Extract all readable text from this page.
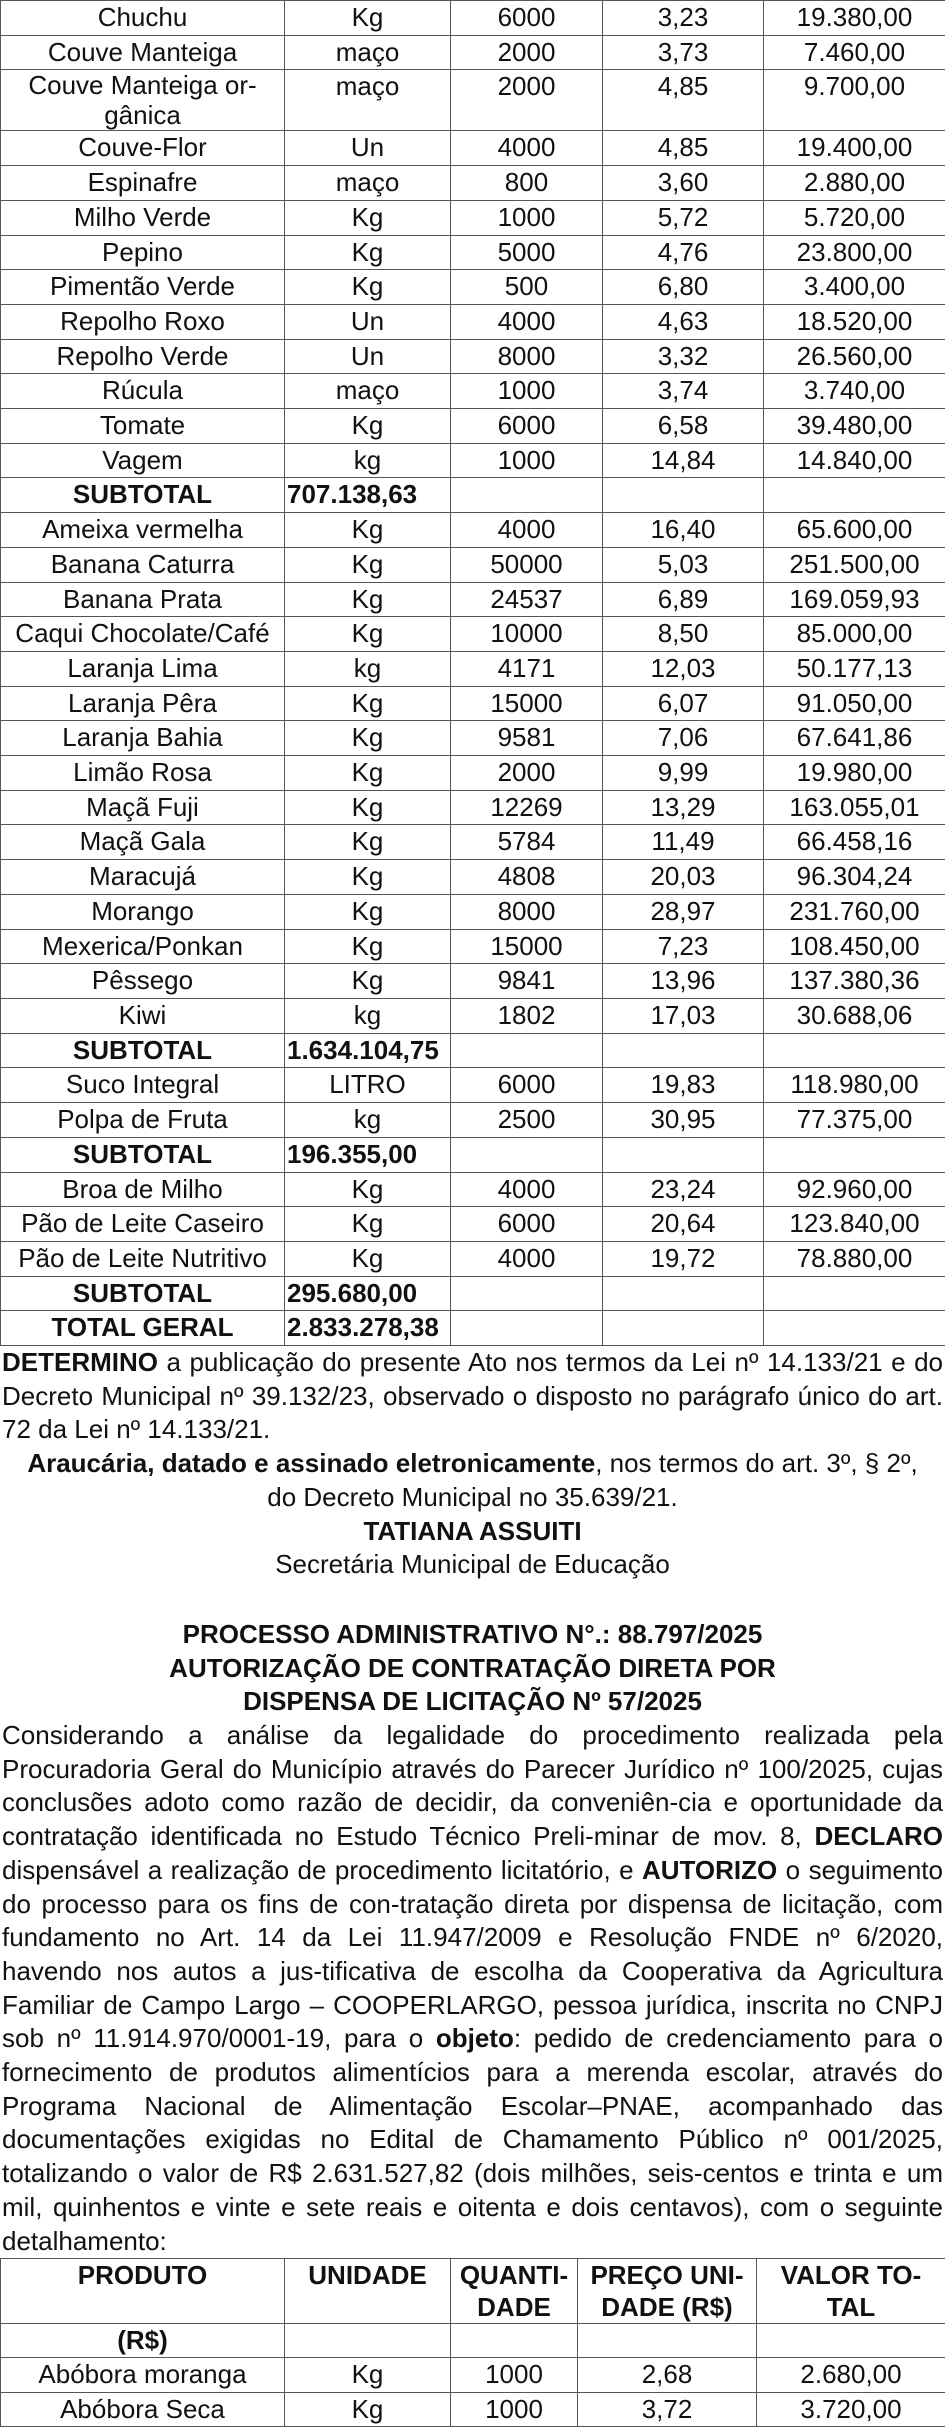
Chuchu	Kg	6000	3,23	19.380,00
Couve Manteiga	maço	2000	3,73	7.460,00
Couve Manteiga or-gânica	maço	2000	4,85	9.700,00
Couve-Flor	Un	4000	4,85	19.400,00
Espinafre	maço	800	3,60	2.880,00
Milho Verde	Kg	1000	5,72	5.720,00
Pepino	Kg	5000	4,76	23.800,00
Pimentão Verde	Kg	500	6,80	3.400,00
Repolho Roxo	Un	4000	4,63	18.520,00
Repolho Verde	Un	8000	3,32	26.560,00
Rúcula	maço	1000	3,74	3.740,00
Tomate	Kg	6000	6,58	39.480,00
Vagem	kg	1000	14,84	14.840,00
SUBTOTAL	707.138,63			
Ameixa vermelha	Kg	4000	16,40	65.600,00
Banana Caturra	Kg	50000	5,03	251.500,00
Banana Prata	Kg	24537	6,89	169.059,93
Caqui Chocolate/Café	Kg	10000	8,50	85.000,00
Laranja Lima	kg	4171	12,03	50.177,13
Laranja Pêra	Kg	15000	6,07	91.050,00
Laranja Bahia	Kg	9581	7,06	67.641,86
Limão Rosa	Kg	2000	9,99	19.980,00
Maçã Fuji	Kg	12269	13,29	163.055,01
Maçã Gala	Kg	5784	11,49	66.458,16
Maracujá	Kg	4808	20,03	96.304,24
Morango	Kg	8000	28,97	231.760,00
Mexerica/Ponkan	Kg	15000	7,23	108.450,00
Pêssego	Kg	9841	13,96	137.380,36
Kiwi	kg	1802	17,03	30.688,06
SUBTOTAL	1.634.104,75			
Suco Integral	LITRO	6000	19,83	118.980,00
Polpa de Fruta	kg	2500	30,95	77.375,00
SUBTOTAL	196.355,00			
Broa de Milho	Kg	4000	23,24	92.960,00
Pão de Leite Caseiro	Kg	6000	20,64	123.840,00
Pão de Leite Nutritivo	Kg	4000	19,72	78.880,00
SUBTOTAL	295.680,00			
TOTAL GERAL	2.833.278,38			

DETERMINO a publicação do presente Ato nos termos da Lei nº 14.133/21 e do Decreto Municipal nº 39.132/23, observado o disposto no parágrafo único do art. 72 da Lei nº 14.133/21.

Araucária, datado e assinado eletronicamente, nos termos do art. 3º, § 2º, do Decreto Municipal no 35.639/21.
TATIANA ASSUITI
Secretária Municipal de Educação
PROCESSO ADMINISTRATIVO N°.: 88.797/2025
AUTORIZAÇÃO DE CONTRATAÇÃO DIRETA POR
DISPENSA DE LICITAÇÃO Nº 57/2025

Considerando a análise da legalidade do procedimento realizada pela Procuradoria Geral do Município através do Parecer Jurídico nº 100/2025, cujas conclusões adoto como razão de decidir, da conveniên-cia e oportunidade da contratação identificada no Estudo Técnico Preli-minar de mov. 8, DECLARO dispensável a realização de procedimento licitatório, e AUTORIZO o seguimento do processo para os fins de con-tratação direta por dispensa de licitação, com fundamento no Art. 14 da Lei 11.947/2009 e Resolução FNDE nº 6/2020, havendo nos autos a jus-tificativa de escolha da Cooperativa da Agricultura Familiar de Campo Largo – COOPERLARGO, pessoa jurídica, inscrita no CNPJ sob nº 11.914.970/0001-19, para o objeto: pedido de credenciamento para o fornecimento de produtos alimentícios para a merenda escolar, através do Programa Nacional de Alimentação Escolar–PNAE, acompanhado das documentações exigidas no Edital de Chamamento Público nº 001/2025, totalizando o valor de R$ 2.631.527,82 (dois milhões, seis-centos e trinta e um mil, quinhentos e vinte e sete reais e oitenta e dois centavos), com o seguinte detalhamento:

PRODUTO	UNIDADE	QUANTI-DADE	PREÇO UNI-DADE (R$)	VALOR TO-TAL
(R$)				
Abóbora moranga	Kg	1000	2,68	2.680,00
Abóbora Seca	Kg	1000	3,72	3.720,00
